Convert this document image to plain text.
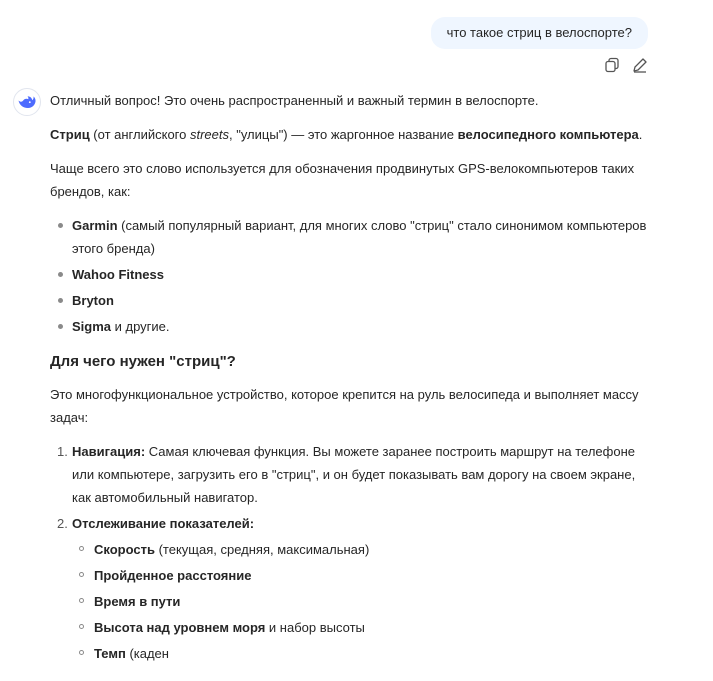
что такое стриц в велоспорте?

Отличный вопрос! Это очень распространенный и важный термин в велоспорте.

Стриц (от английского streets, "улицы") — это жаргонное название велосипедного компьютера.

Чаще всего это слово используется для обозначения продвинутых GPS-велокомпьютеров таких брендов, как:

Garmin (самый популярный вариант, для многих слово "стриц" стало синонимом компьютеров этого бренда)
Wahoo Fitness
Bryton
Sigma и другие.
Для чего нужен "стриц"?

Это многофункциональное устройство, которое крепится на руль велосипеда и выполняет массу задач:

1. Навигация: Самая ключевая функция. Вы можете заранее построить маршрут на телефоне или компьютере, загрузить его в "стриц", и он будет показывать вам дорогу на своем экране, как автомобильный навигатор.
2. Отслеживание показателей:
Скорость (текущая, средняя, максимальная)
Пройденное расстояние
Время в пути
Высота над уровнем моря и набор высоты
Темп (каден
